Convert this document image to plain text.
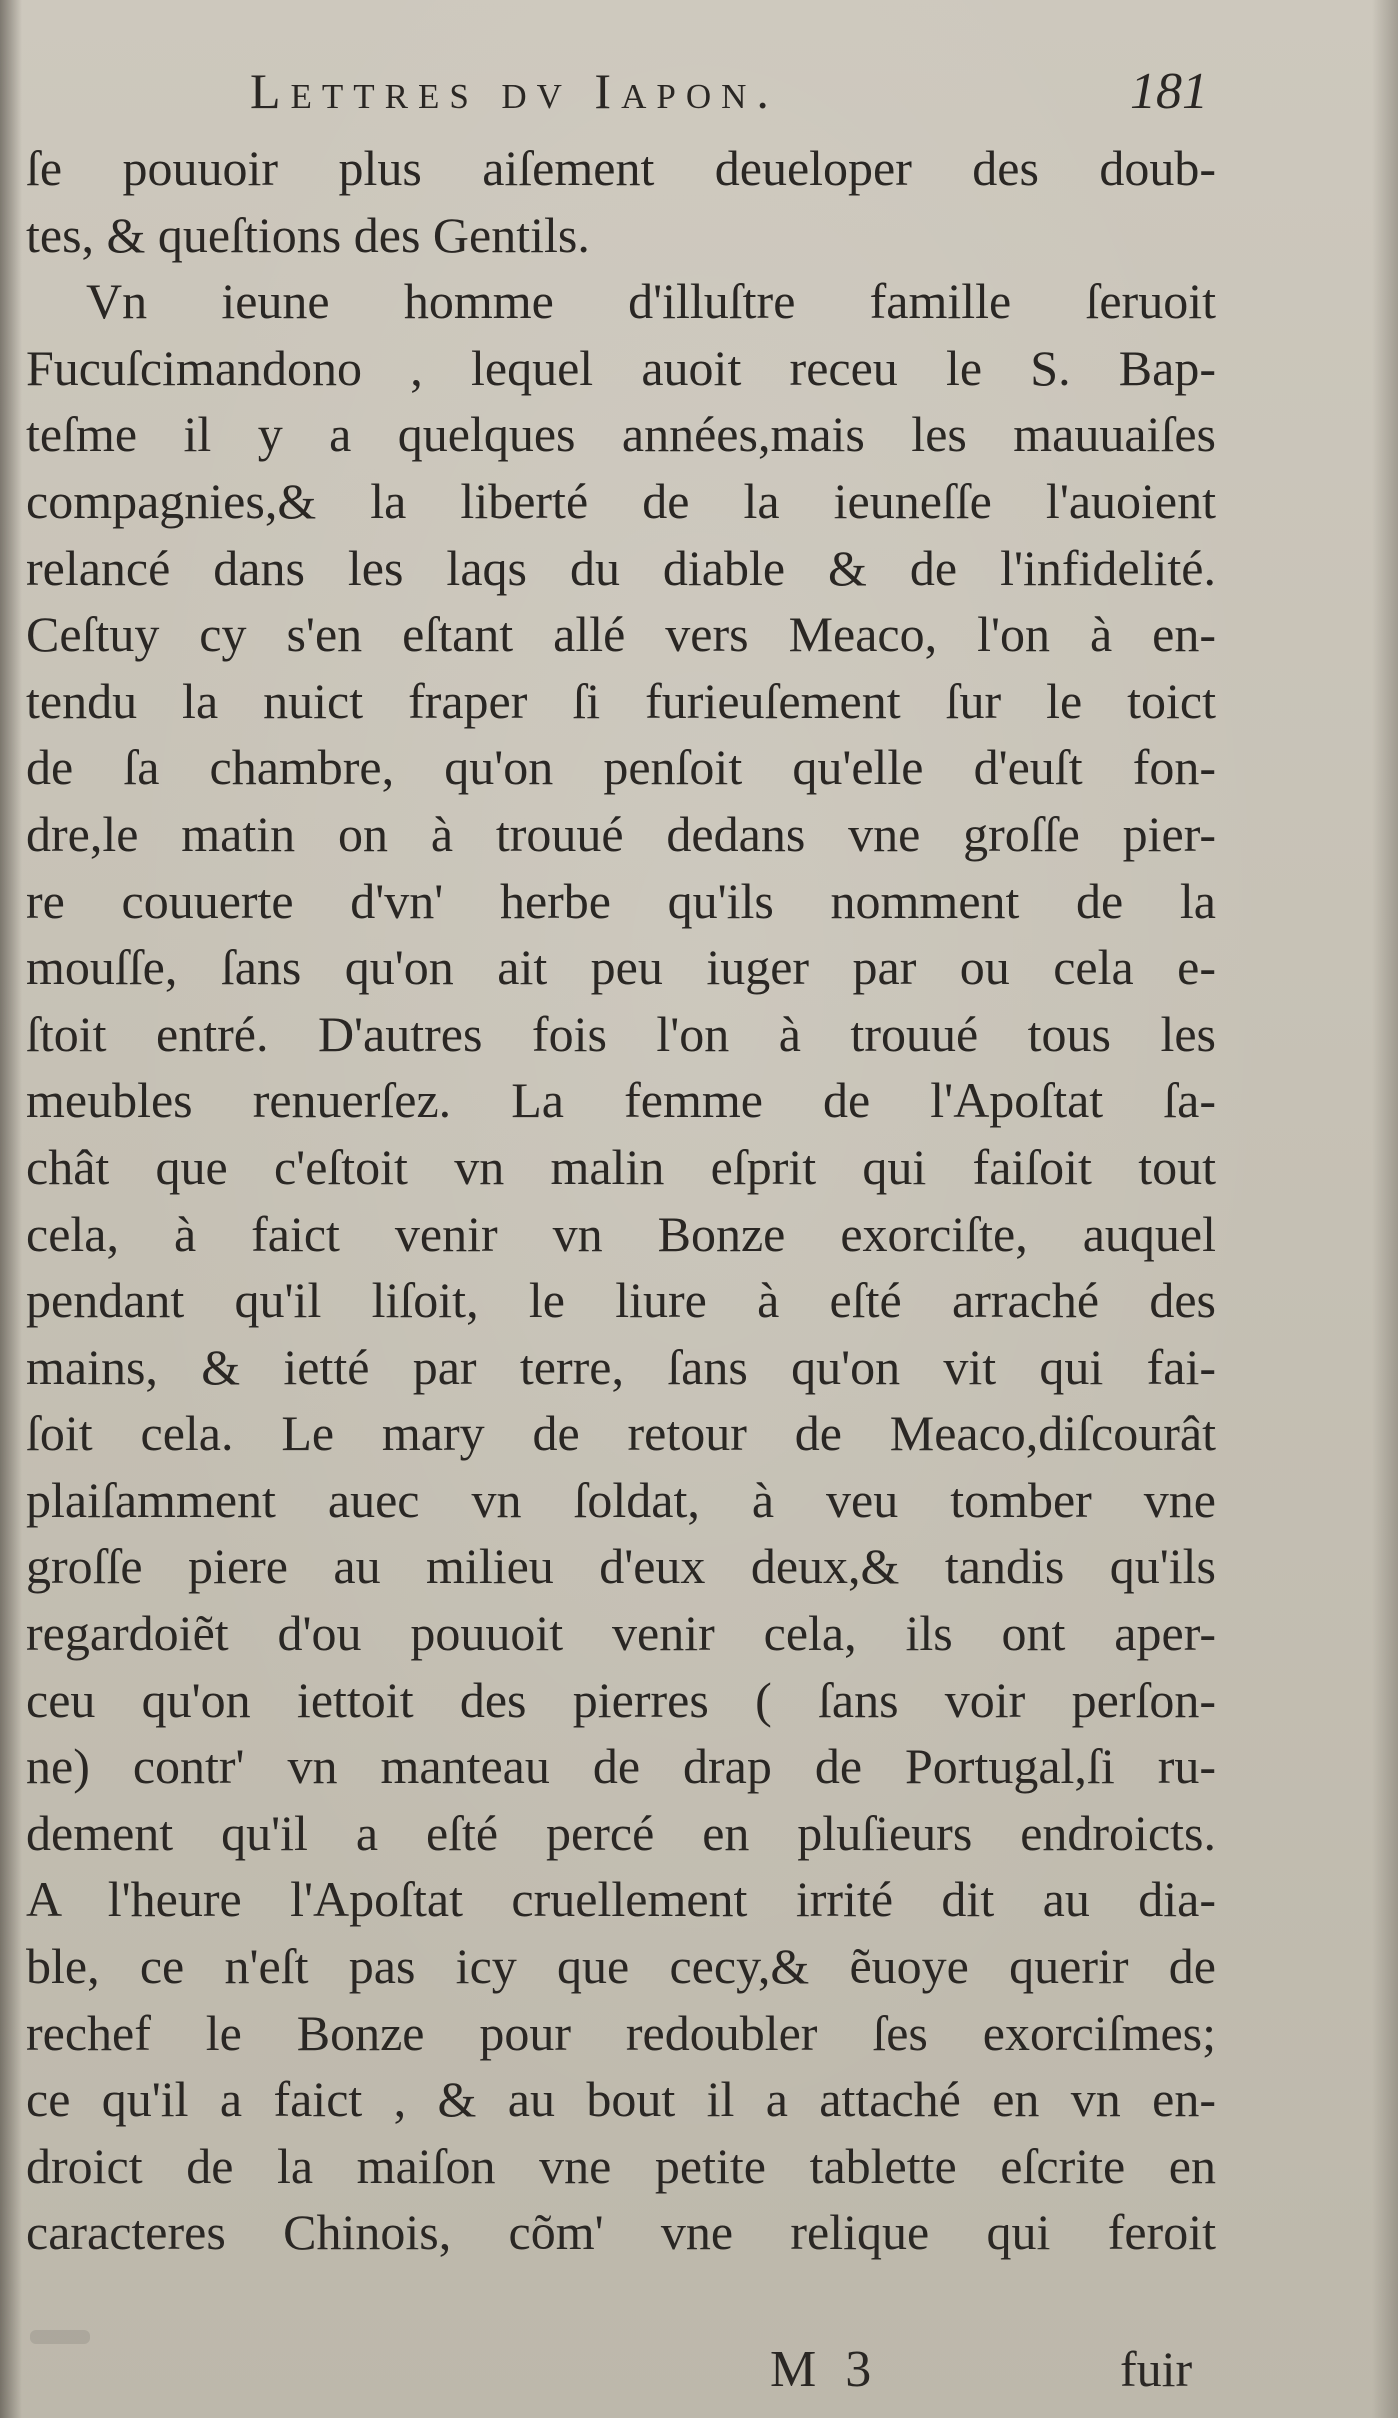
Lettres dv Iapon.	181
ſe pouuoir plus aiſement deueloper des doub-
tes, & queſtions des Gentils.
Vn ieune homme d'illuſtre famille ſeruoit
Fucuſcimandono , lequel auoit receu le S. Bap-
teſme il y a quelques années,mais les mauuaiſes
compagnies,& la liberté de la ieuneſſe l'auoient
relancé dans les laqs du diable & de l'infidelité.
Ceſtuy cy s'en eſtant allé vers Meaco, l'on à en-
tendu la nuict fraper ſi furieuſement ſur le toict
de ſa chambre, qu'on penſoit qu'elle d'euſt fon-
dre,le matin on à trouué dedans vne groſſe pier-
re couuerte d'vn' herbe qu'ils nomment de la
mouſſe, ſans qu'on ait peu iuger par ou cela e-
ſtoit entré. D'autres fois l'on à trouué tous les
meubles renuerſez. La femme de l'Apoſtat ſa-
chât que c'eſtoit vn malin eſprit qui faiſoit tout
cela, à faict venir vn Bonze exorciſte, auquel
pendant qu'il liſoit, le liure à eſté arraché des
mains, & ietté par terre, ſans qu'on vit qui fai-
ſoit cela. Le mary de retour de Meaco,diſcourât
plaiſamment auec vn ſoldat, à veu tomber vne
groſſe piere au milieu d'eux deux,& tandis qu'ils
regardoiẽt d'ou pouuoit venir cela, ils ont aper-
ceu qu'on iettoit des pierres ( ſans voir perſon-
ne) contr' vn manteau de drap de Portugal,ſi ru-
dement qu'il a eſté percé en pluſieurs endroicts.
A l'heure l'Apoſtat cruellement irrité dit au dia-
ble, ce n'eſt pas icy que cecy,& ẽuoye querir de
rechef le Bonze pour redoubler ſes exorciſmes;
ce qu'il a faict , & au bout il a attaché en vn en-
droict de la maiſon vne petite tablette eſcrite en
caracteres Chinois, cõm' vne relique qui feroit
M 3	fuir
